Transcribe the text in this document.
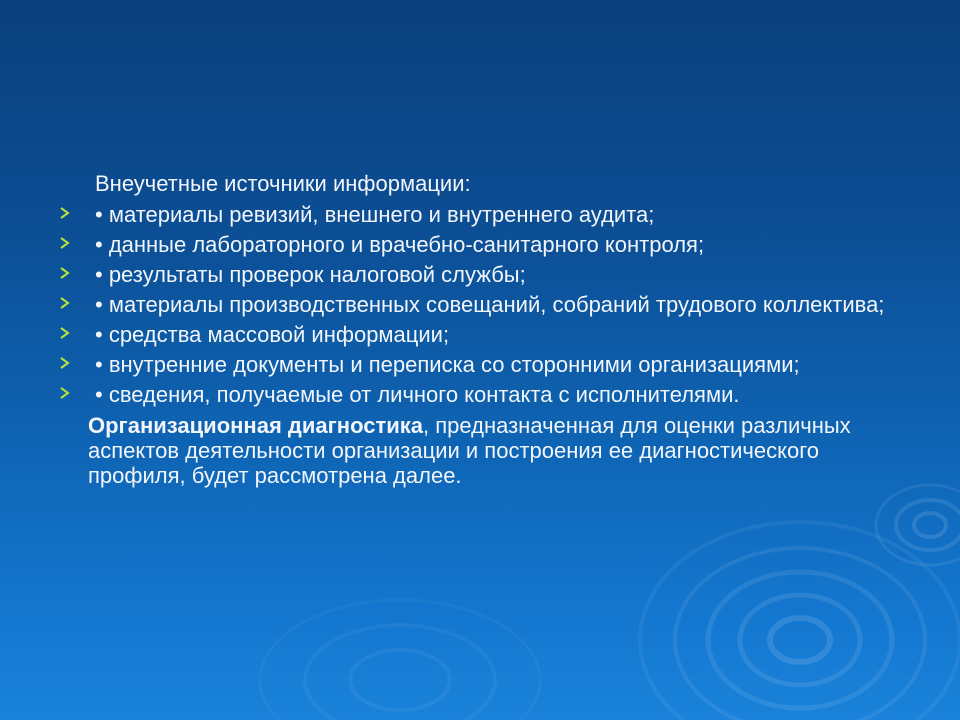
Внеучетные источники информации:
• материалы ревизий, внешнего и внутреннего аудита;
• данные лабораторного и врачебно-санитарного контроля;
• результаты проверок налоговой службы;
• материалы производственных совещаний, собраний трудового коллектива;
• средства массовой информации;
• внутренние документы и переписка со сторонними организациями;
• сведения, получаемые от личного контакта с исполнителями.
Организационная диагностика, предназначенная для оценки различных аспектов деятельности организации и построения ее диагностического профиля, будет рассмотрена далее.
